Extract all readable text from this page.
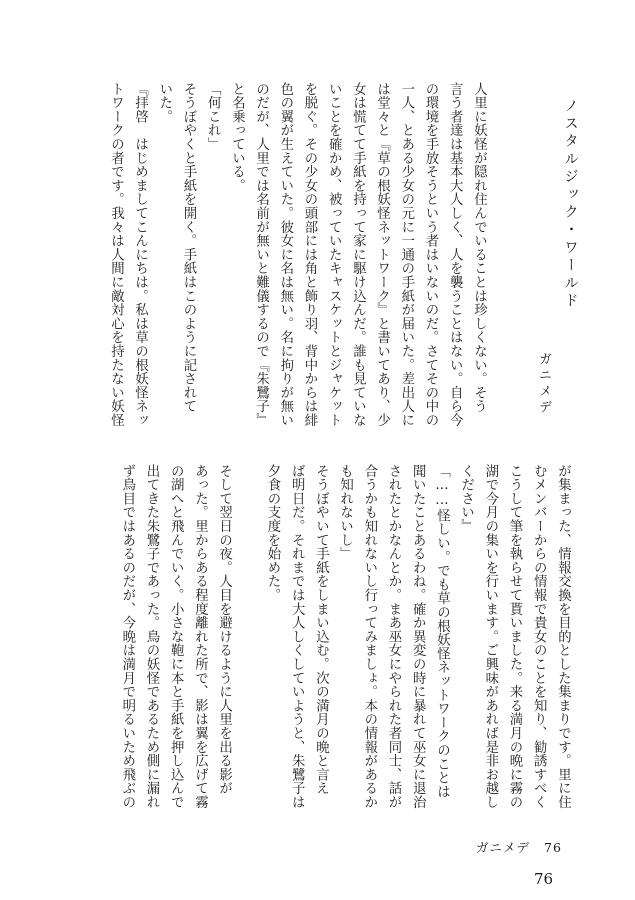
ノスタルジック・ワールド
ガニメデ
人里に妖怪が隠れ住んでいることは珍しくない。そう
言う者達は基本大人しく、人を襲うことはない。自ら今
の環境を手放そうという者はいないのだ。さてその中の
一人、とある少女の元に一通の手紙が届いた。差出人に
は堂々と『草の根妖怪ネットワーク』と書いてあり、少
女は慌てて手紙を持って家に駆け込んだ。誰も見ていな
いことを確かめ、被っていたキャスケットとジャケット
を脱ぐ。その少女の頭部には角と飾り羽、背中からは緋
色の翼が生えていた。彼女に名は無い。名に拘りが無い
のだが、人里では名前が無いと難儀するので『朱鷺子』
と名乗っている。
「何これ」
そうぼやくと手紙を開く。手紙はこのように記されて
いた。
『拝啓　はじめましてこんにちは。私は草の根妖怪ネッ
トワークの者です。我々は人間に敵対心を持たない妖怪
が集まった、情報交換を目的とした集まりです。里に住
むメンバーからの情報で貴女のことを知り、勧誘すべく
こうして筆を執らせて貰いました。来る満月の晩に霧の
湖で今月の集いを行います。ご興味があれば是非お越し
ください』
「……怪しい。でも草の根妖怪ネットワークのことは
聞いたことあるわね。確か異変の時に暴れて巫女に退治
されたとかなんとか。まあ巫女にやられた者同士、話が
合うかも知れないし行ってみましょ。本の情報があるか
も知れないし」
そうぼやいて手紙をしまい込む。次の満月の晩と言え
ば明日だ。それまでは大人しくしていようと、朱鷺子は
夕食の支度を始めた。
そして翌日の夜。人目を避けるように人里を出る影が
あった。里からある程度離れた所で、影は翼を広げて霧
の湖へと飛んでいく。小さな鞄に本と手紙を押し込んで
出てきた朱鷺子であった。鳥の妖怪であるため側に漏れ
ず鳥目ではあるのだが、今晩は満月で明るいため飛ぶの
ガニメデ 76
76
